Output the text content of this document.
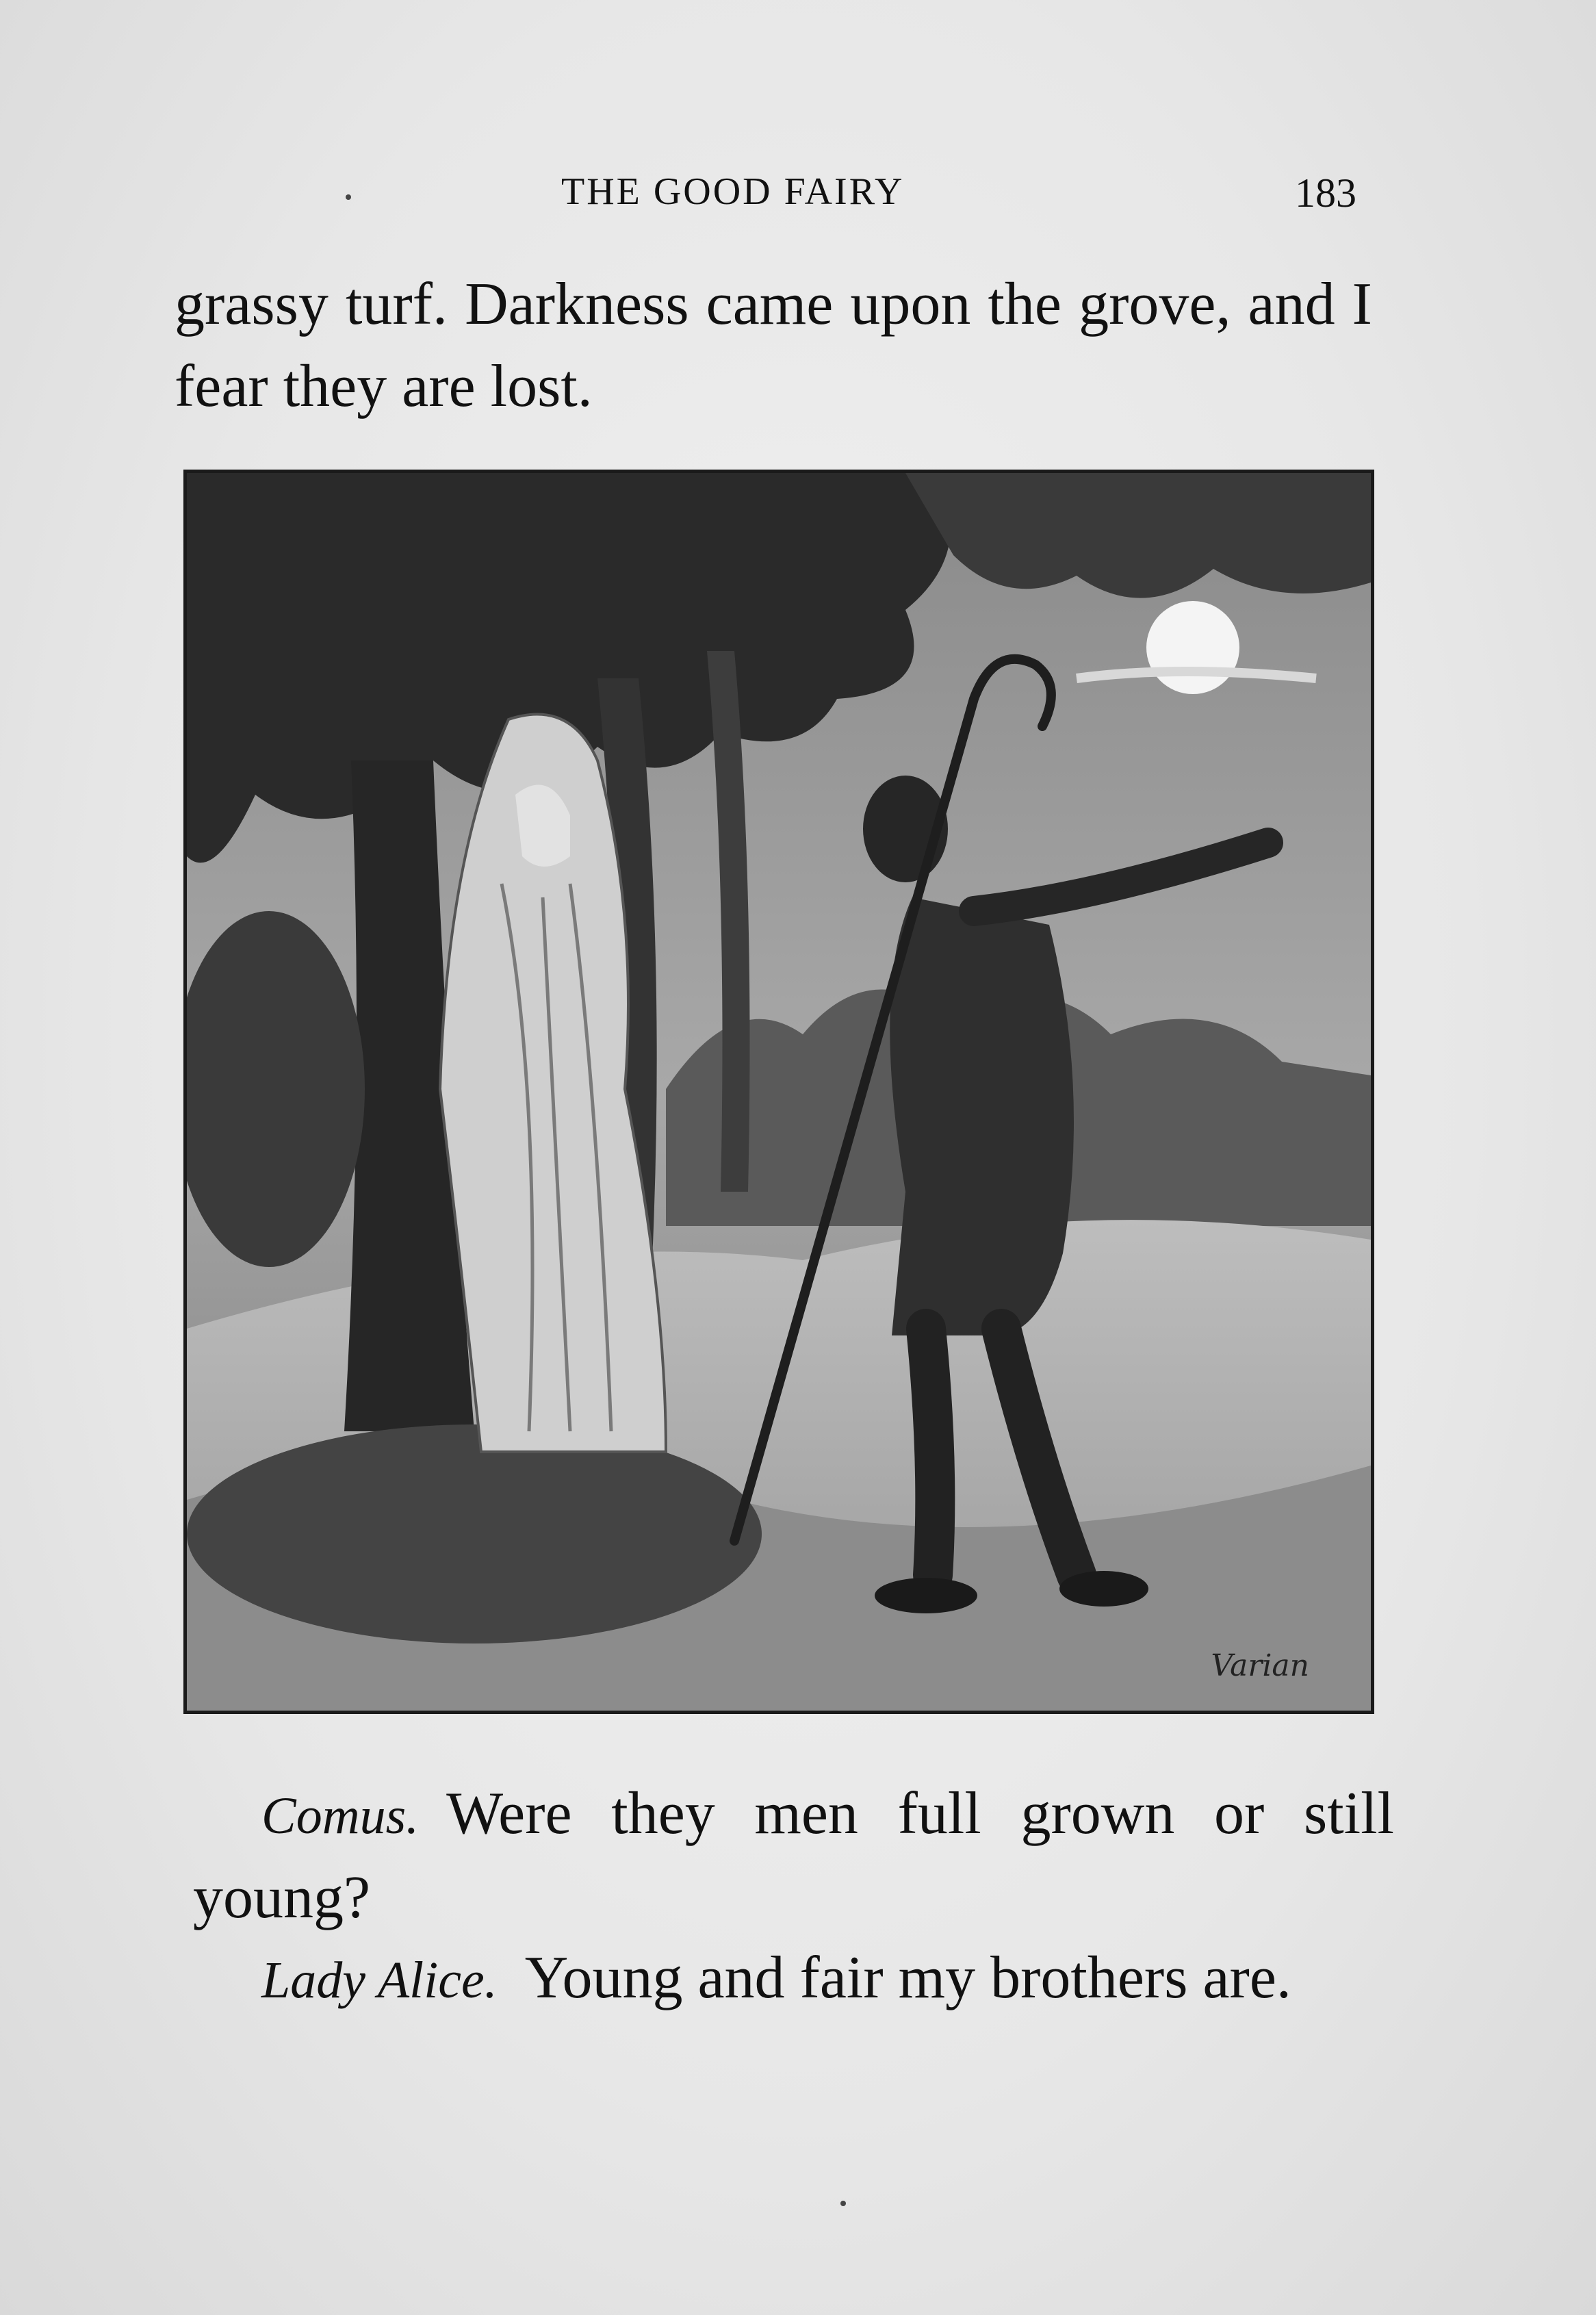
THE GOOD FAIRY	183

grassy turf. Darkness came upon the grove, and I fear they are lost.

Varian

Comus. Were they men full grown or still young?

Lady Alice. Young and fair my brothers are.
